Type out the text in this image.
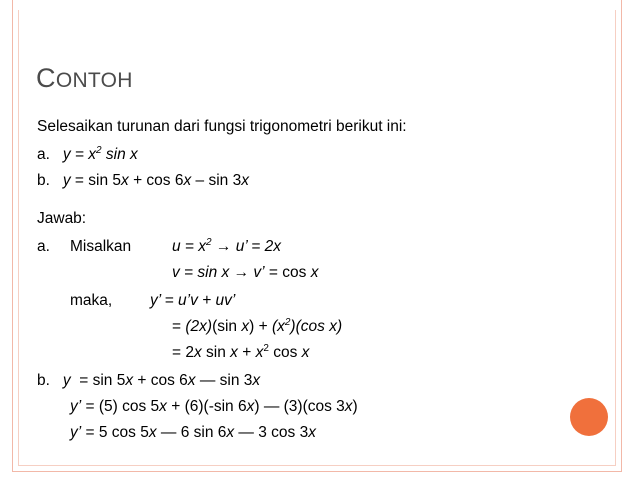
CONTOH
Selesaikan turunan dari fungsi trigonometri berikut ini:
a. $y = x^2$ sin x
b. y = sin 5x + cos 6x – sin 3x
Jawab:
a. Misalkan	$u = x^2 \to u$’ = 2x
v = sin x → v’ = cos x
maka, y’ = u’v + uv’
= (2x)(sin $x) + (x^2)(\cos$ x)
= 2x $\sin x + x^2$ cos x
b. y  = sin 5x + cos 6x — sin 3x
y’ = (5) cos 5x + (6)(-sin 6x) — (3)(cos 3x)
y’ = 5 cos 5x — 6 sin 6x — 3 cos 3x
